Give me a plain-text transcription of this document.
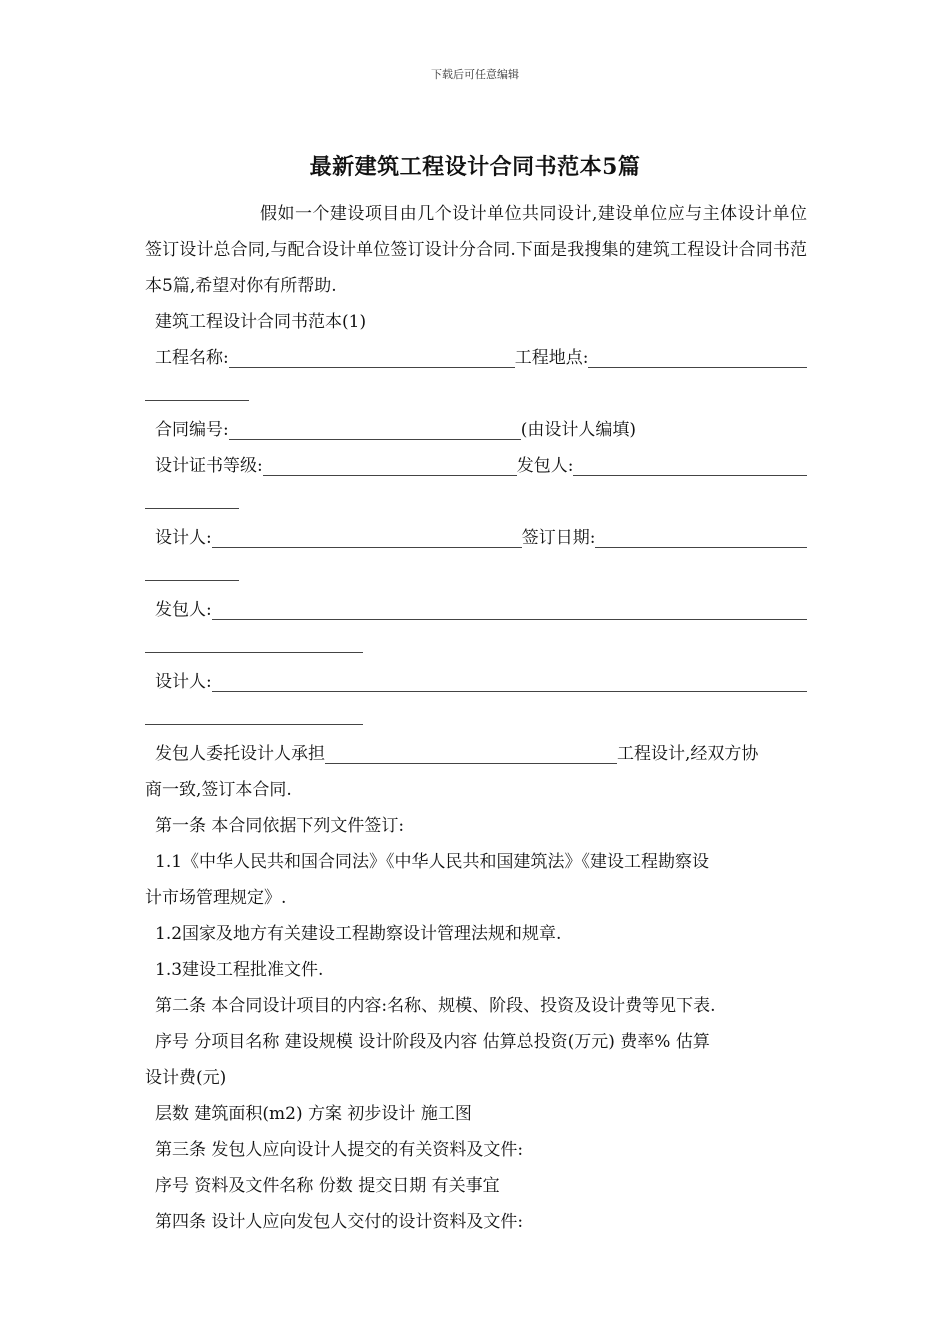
下载后可任意编辑
最新建筑工程设计合同书范本5篇

假如一个建设项目由几个设计单位共同设计,建设单位应与主体设计单位签订设计总合同,与配合设计单位签订设计分合同.下面是我搜集的建筑工程设计合同书范本5篇,希望对你有所帮助.

建筑工程设计合同书范本(1)
工程名称:	工程地点:
合同编号:	(由设计人编填)
设计证书等级:	发包人:
设计人:	签订日期:
发包人:
设计人:
发包人委托设计人承担	工程设计,经双方协
商一致,签订本合同.
第一条 本合同依据下列文件签订:
1.1《中华人民共和国合同法》《中华人民共和国建筑法》《建设工程勘察设
计市场管理规定》.
1.2国家及地方有关建设工程勘察设计管理法规和规章.
1.3建设工程批准文件.
第二条 本合同设计项目的内容:名称、规模、阶段、投资及设计费等见下表.
序号 分项目名称 建设规模 设计阶段及内容 估算总投资(万元) 费率% 估算
设计费(元)
层数 建筑面积(m2) 方案 初步设计 施工图
第三条 发包人应向设计人提交的有关资料及文件:
序号 资料及文件名称 份数 提交日期 有关事宜
第四条 设计人应向发包人交付的设计资料及文件:
